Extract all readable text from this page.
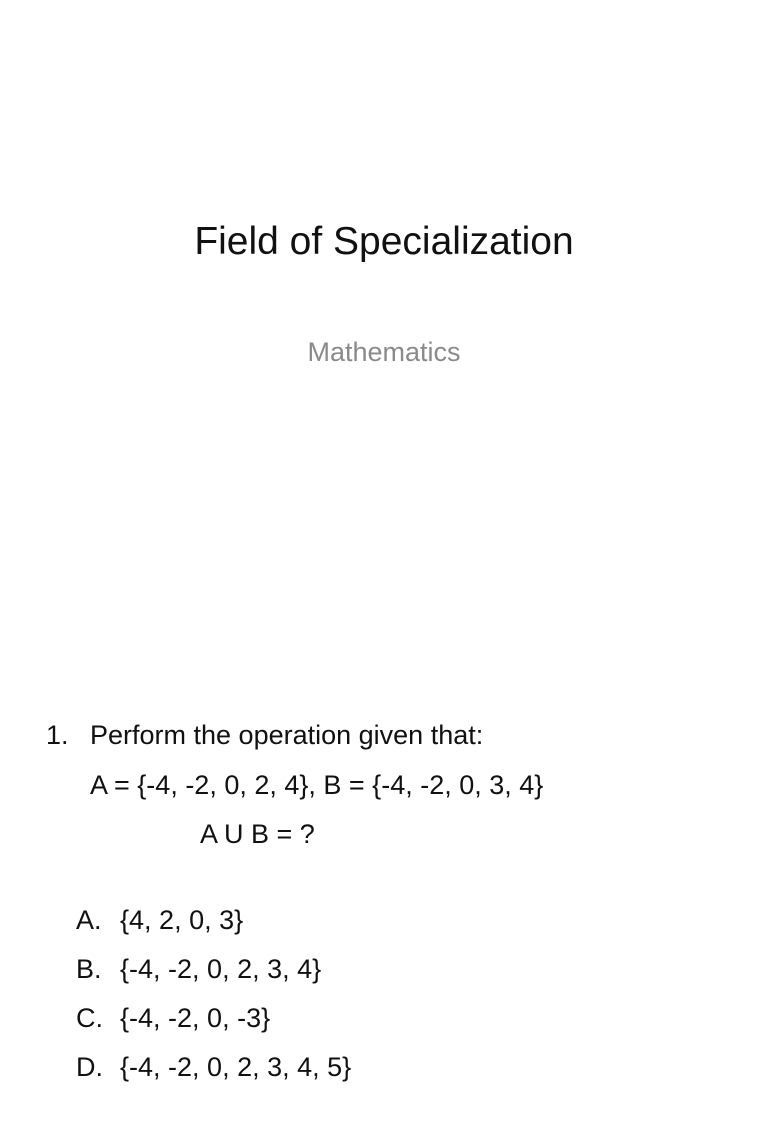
Field of Specialization
Mathematics
1. Perform the operation given that:
A = {-4, -2, 0, 2, 4}, B = {-4, -2, 0, 3, 4}
A U B = ?

A. {4, 2, 0, 3}

B. {-4, -2, 0, 2, 3, 4}

C. {-4, -2, 0, -3}

D. {-4, -2, 0, 2, 3, 4, 5}
